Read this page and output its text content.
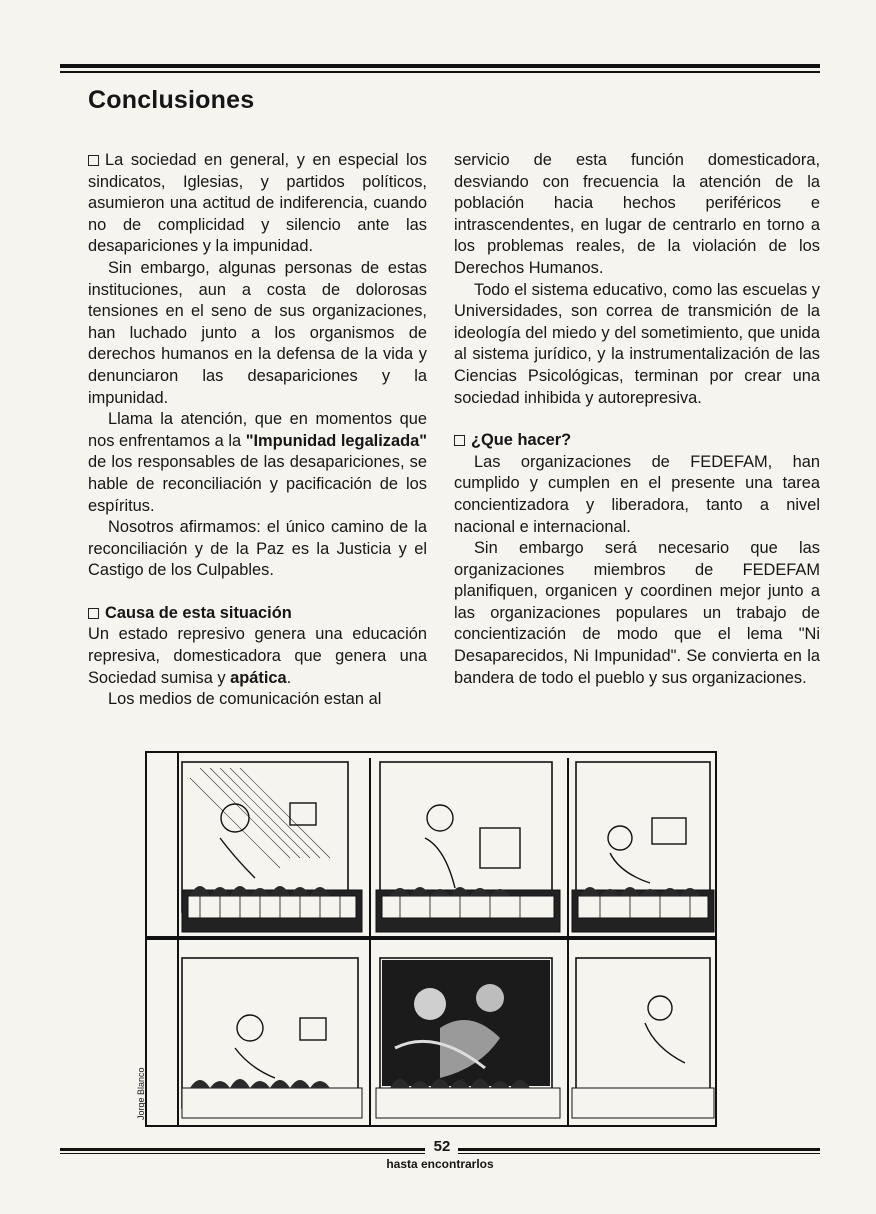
Conclusiones

La sociedad en general, y en especial los sindicatos, Iglesias, y partidos políticos, asumieron una actitud de indiferencia, cuando no de complicidad y silencio ante las desapariciones y la impunidad.

Sin embargo, algunas personas de estas instituciones, aun a costa de dolorosas tensiones en el seno de sus organizaciones, han luchado junto a los organismos de derechos humanos en la defensa de la vida y denunciaron las desapariciones y la impunidad.

Llama la atención, que en momentos que nos enfrentamos a la "Impunidad legalizada" de los responsables de las desapariciones, se hable de reconciliación y pacificación de los espíritus.

Nosotros afirmamos: el único camino de la reconciliación y de la Paz es la Justicia y el Castigo de los Culpables.

Causa de esta situación

Un estado represivo genera una educación represiva, domesticadora que genera una Sociedad sumisa y apática.

Los medios de comunicación estan al

servicio de esta función domesticadora, desviando con frecuencia la atención de la población hacia hechos periféricos e intrascendentes, en lugar de centrarlo en torno a los problemas reales, de la violación de los Derechos Humanos.

Todo el sistema educativo, como las escuelas y Universidades, son correa de transmición de la ideología del miedo y del sometimiento, que unida al sistema jurídico, y la instrumentalización de las Ciencias Psicológicas, terminan por crear una sociedad inhibida y autorepresiva.

¿Que hacer?

Las organizaciones de FEDEFAM, han cumplido y cumplen en el presente una tarea concientizadora y liberadora, tanto a nivel nacional e internacional.

Sin embargo será necesario que las organizaciones miembros de FEDEFAM planifiquen, organicen y coordinen mejor junto a las organizaciones populares un trabajo de concientización de modo que el lema "Ni Desaparecidos, Ni Impunidad". Se convierta en la bandera de todo el pueblo y sus organizaciones.

Jorge Blanco
52
hasta encontrarlos
